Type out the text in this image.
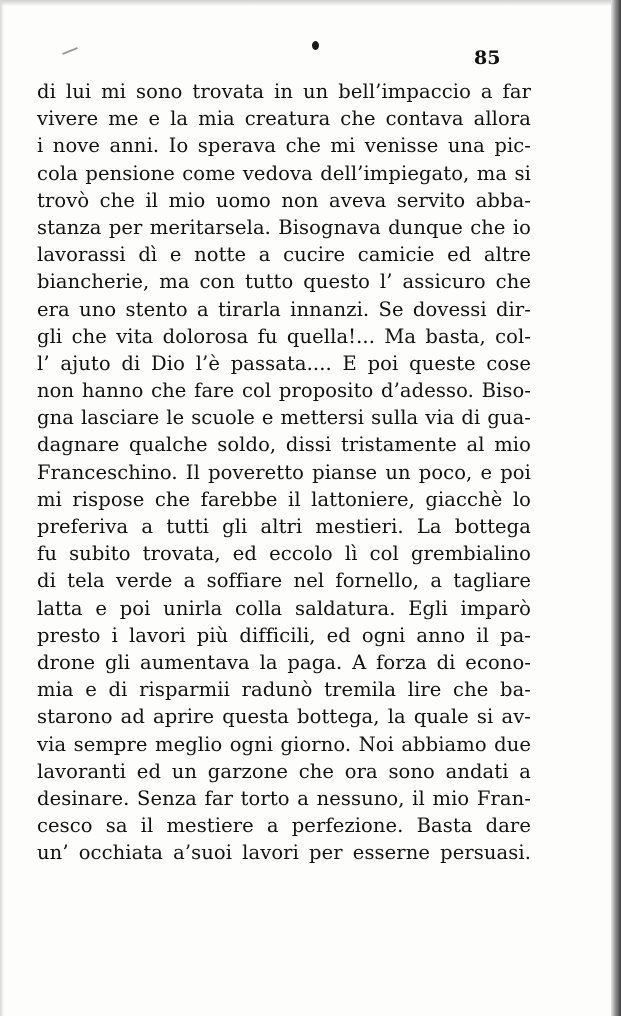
85
di lui mi sono trovata in un bell’impaccio a far
vivere me e la mia creatura che contava allora
i nove anni. Io speravа che mi venisse una pic-
cola pensione come vedova dell’impiegato, ma si
trovò che il mio uomo non aveva servito abba-
stanza per meritarsela. Bisognava dunque che io
lavorassi dì e notte a cucire camicie ed altre
biancherie, ma con tutto questo l’ assicuro che
era uno stento a tirarla innanzi. Se dovessi dir-
gli che vita dolorosa fu quella!... Ma basta, col-
l’ ajuto di Dio l’è passata.... E poi queste cose
non hanno che fare col proposito d’adesso. Biso-
gna lasciare le scuole e mettersi sulla via di gua-
dagnare qualche soldo, dissi tristamente al mio
Franceschino. Il poveretto pianse un poco, e poi
mi rispose che farebbe il lattoniere, giacchè lo
preferiva a tutti gli altri mestieri. La bottega
fu subito trovata, ed eccolo lì col grembialino
di tela verde a soffiare nel fornello, a tagliare
latta e poi unirla colla saldatura. Egli imparò
presto i lavori più difficili, ed ogni anno il pa-
drone gli aumentava la paga. A forza di econo-
mia e di risparmii radunò tremila lire che ba-
starono ad aprire questa bottega, la quale si av-
via sempre meglio ogni giorno. Noi abbiamo due
lavoranti ed un garzone che ora sono andati a
desinare. Senza far torto a nessuno, il mio Fran-
cesco sa il mestiere a perfezione. Basta dare
un’ occhiata a’suoi lavori per esserne persuasi.
